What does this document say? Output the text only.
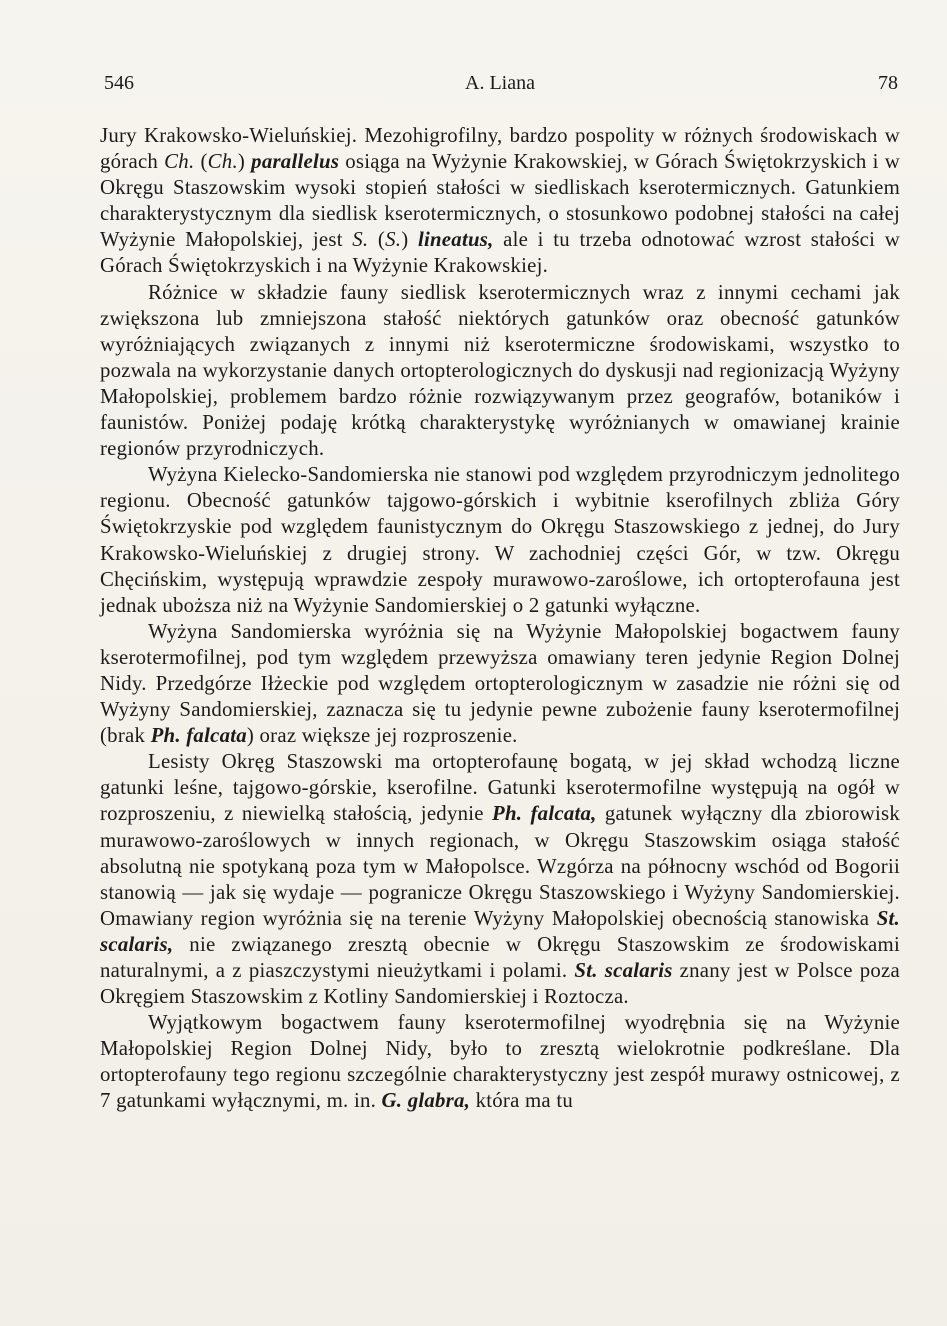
546	A. Liana	78

Jury Krakowsko-Wieluńskiej. Mezohigrofilny, bardzo pospolity w różnych środowiskach w górach Ch. (Ch.) parallelus osiąga na Wyżynie Krakowskiej, w Górach Świętokrzyskich i w Okręgu Staszowskim wysoki stopień stałości w siedliskach kserotermicznych. Gatunkiem charakterystycznym dla siedlisk kserotermicznych, o stosunkowo podobnej stałości na całej Wyżynie Małopolskiej, jest S. (S.) lineatus, ale i tu trzeba odnotować wzrost stałości w Górach Świętokrzyskich i na Wyżynie Krakowskiej.

Różnice w składzie fauny siedlisk kserotermicznych wraz z innymi cechami jak zwiększona lub zmniejszona stałość niektórych gatunków oraz obecność gatunków wyróżniających związanych z innymi niż kserotermiczne środowiskami, wszystko to pozwala na wykorzystanie danych ortopterologicznych do dyskusji nad regionizacją Wyżyny Małopolskiej, problemem bardzo różnie rozwiązywanym przez geografów, botaników i faunistów. Poniżej podaję krótką charakterystykę wyróżnianych w omawianej krainie regionów przyrodniczych.

Wyżyna Kielecko-Sandomierska nie stanowi pod względem przyrodniczym jednolitego regionu. Obecność gatunków tajgowo-górskich i wybitnie kserofilnych zbliża Góry Świętokrzyskie pod względem faunistycznym do Okręgu Staszowskiego z jednej, do Jury Krakowsko-Wieluńskiej z drugiej strony. W zachodniej części Gór, w tzw. Okręgu Chęcińskim, występują wprawdzie zespoły murawowo-zaroślowe, ich ortopterofauna jest jednak uboższa niż na Wyżynie Sandomierskiej o 2 gatunki wyłączne.

Wyżyna Sandomierska wyróżnia się na Wyżynie Małopolskiej bogactwem fauny kserotermofilnej, pod tym względem przewyższa omawiany teren jedynie Region Dolnej Nidy. Przedgórze Iłżeckie pod względem ortopterologicznym w zasadzie nie różni się od Wyżyny Sandomierskiej, zaznacza się tu jedynie pewne zubożenie fauny kserotermofilnej (brak Ph. falcata) oraz większe jej rozproszenie.

Lesisty Okręg Staszowski ma ortopterofaunę bogatą, w jej skład wchodzą liczne gatunki leśne, tajgowo-górskie, kserofilne. Gatunki kserotermofilne występują na ogół w rozproszeniu, z niewielką stałością, jedynie Ph. falcata, gatunek wyłączny dla zbiorowisk murawowo-zaroślowych w innych regionach, w Okręgu Staszowskim osiąga stałość absolutną nie spotykaną poza tym w Małopolsce. Wzgórza na północny wschód od Bogorii stanowią — jak się wydaje — pogranicze Okręgu Staszowskiego i Wyżyny Sandomierskiej. Omawiany region wyróżnia się na terenie Wyżyny Małopolskiej obecnością stanowiska St. scalaris, nie związanego zresztą obecnie w Okręgu Staszowskim ze środowiskami naturalnymi, a z piaszczystymi nieużytkami i polami. St. scalaris znany jest w Polsce poza Okręgiem Staszowskim z Kotliny Sandomierskiej i Roztocza.

Wyjątkowym bogactwem fauny kserotermofilnej wyodrębnia się na Wyżynie Małopolskiej Region Dolnej Nidy, było to zresztą wielokrotnie podkreślane. Dla ortopterofauny tego regionu szczególnie charakterystyczny jest zespół murawy ostnicowej, z 7 gatunkami wyłącznymi, m. in. G. glabra, która ma tu
